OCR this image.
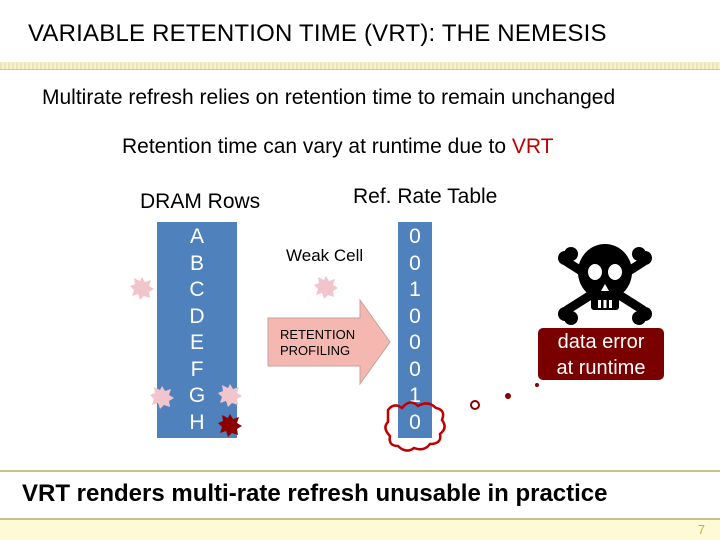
VARIABLE RETENTION TIME (VRT): THE NEMESIS
Multirate refresh relies on retention time to remain unchanged
Retention time can vary at runtime due to VRT
DRAM Rows	Ref. Rate Table
A
B
C
D
E
F
G
H
0
0
1
0
0
0
1
0
Weak Cell
RETENTION
PROFILING	data error
at runtime
VRT renders multi-rate refresh unusable in practice
7
